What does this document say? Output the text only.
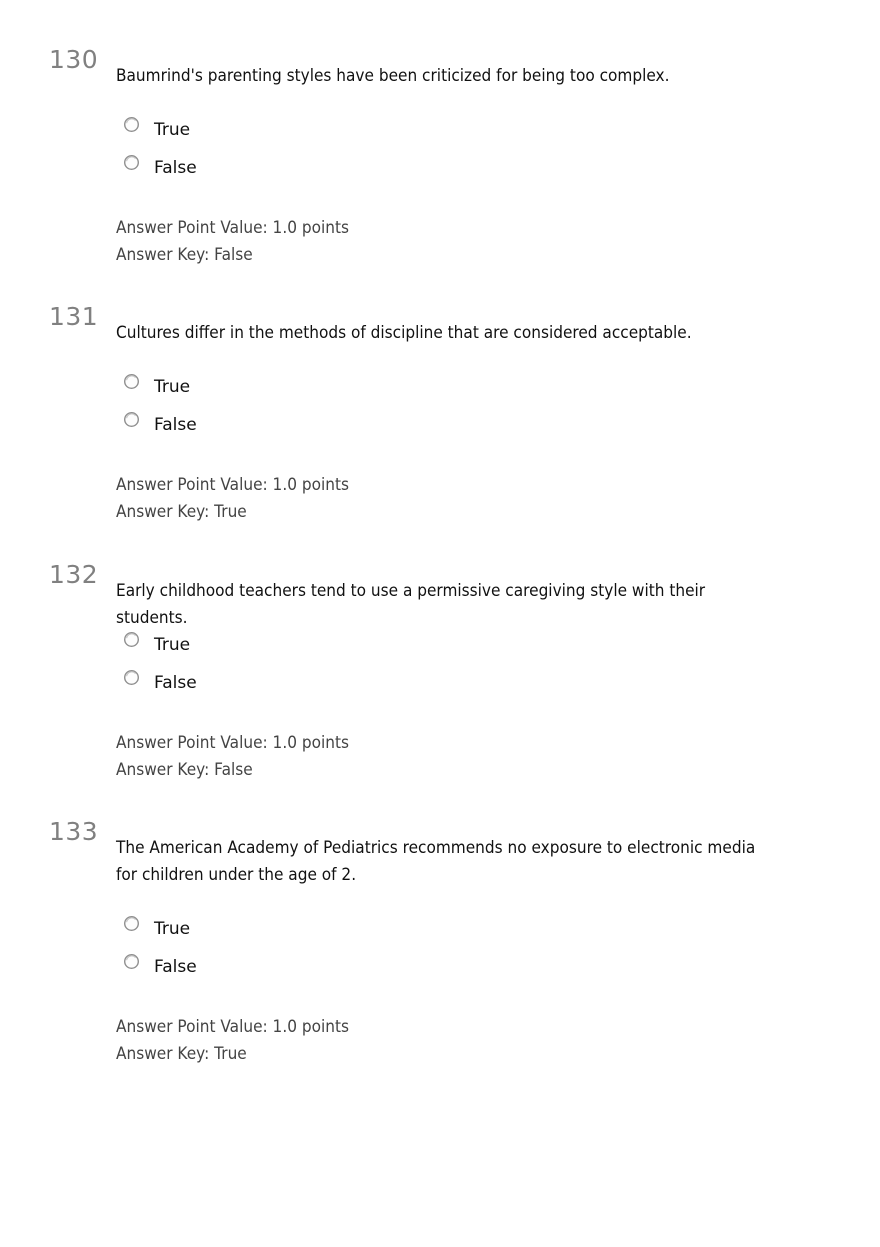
130
Baumrind's parenting styles have been criticized for being too complex.
True
False
Answer Point Value: 1.0 points
Answer Key: False
131
Cultures differ in the methods of discipline that are considered acceptable.
True
False
Answer Point Value: 1.0 points
Answer Key: True
132
Early childhood teachers tend to use a permissive caregiving style with their students.
True
False
Answer Point Value: 1.0 points
Answer Key: False
133
The American Academy of Pediatrics recommends no exposure to electronic media for children under the age of 2.
True
False
Answer Point Value: 1.0 points
Answer Key: True
